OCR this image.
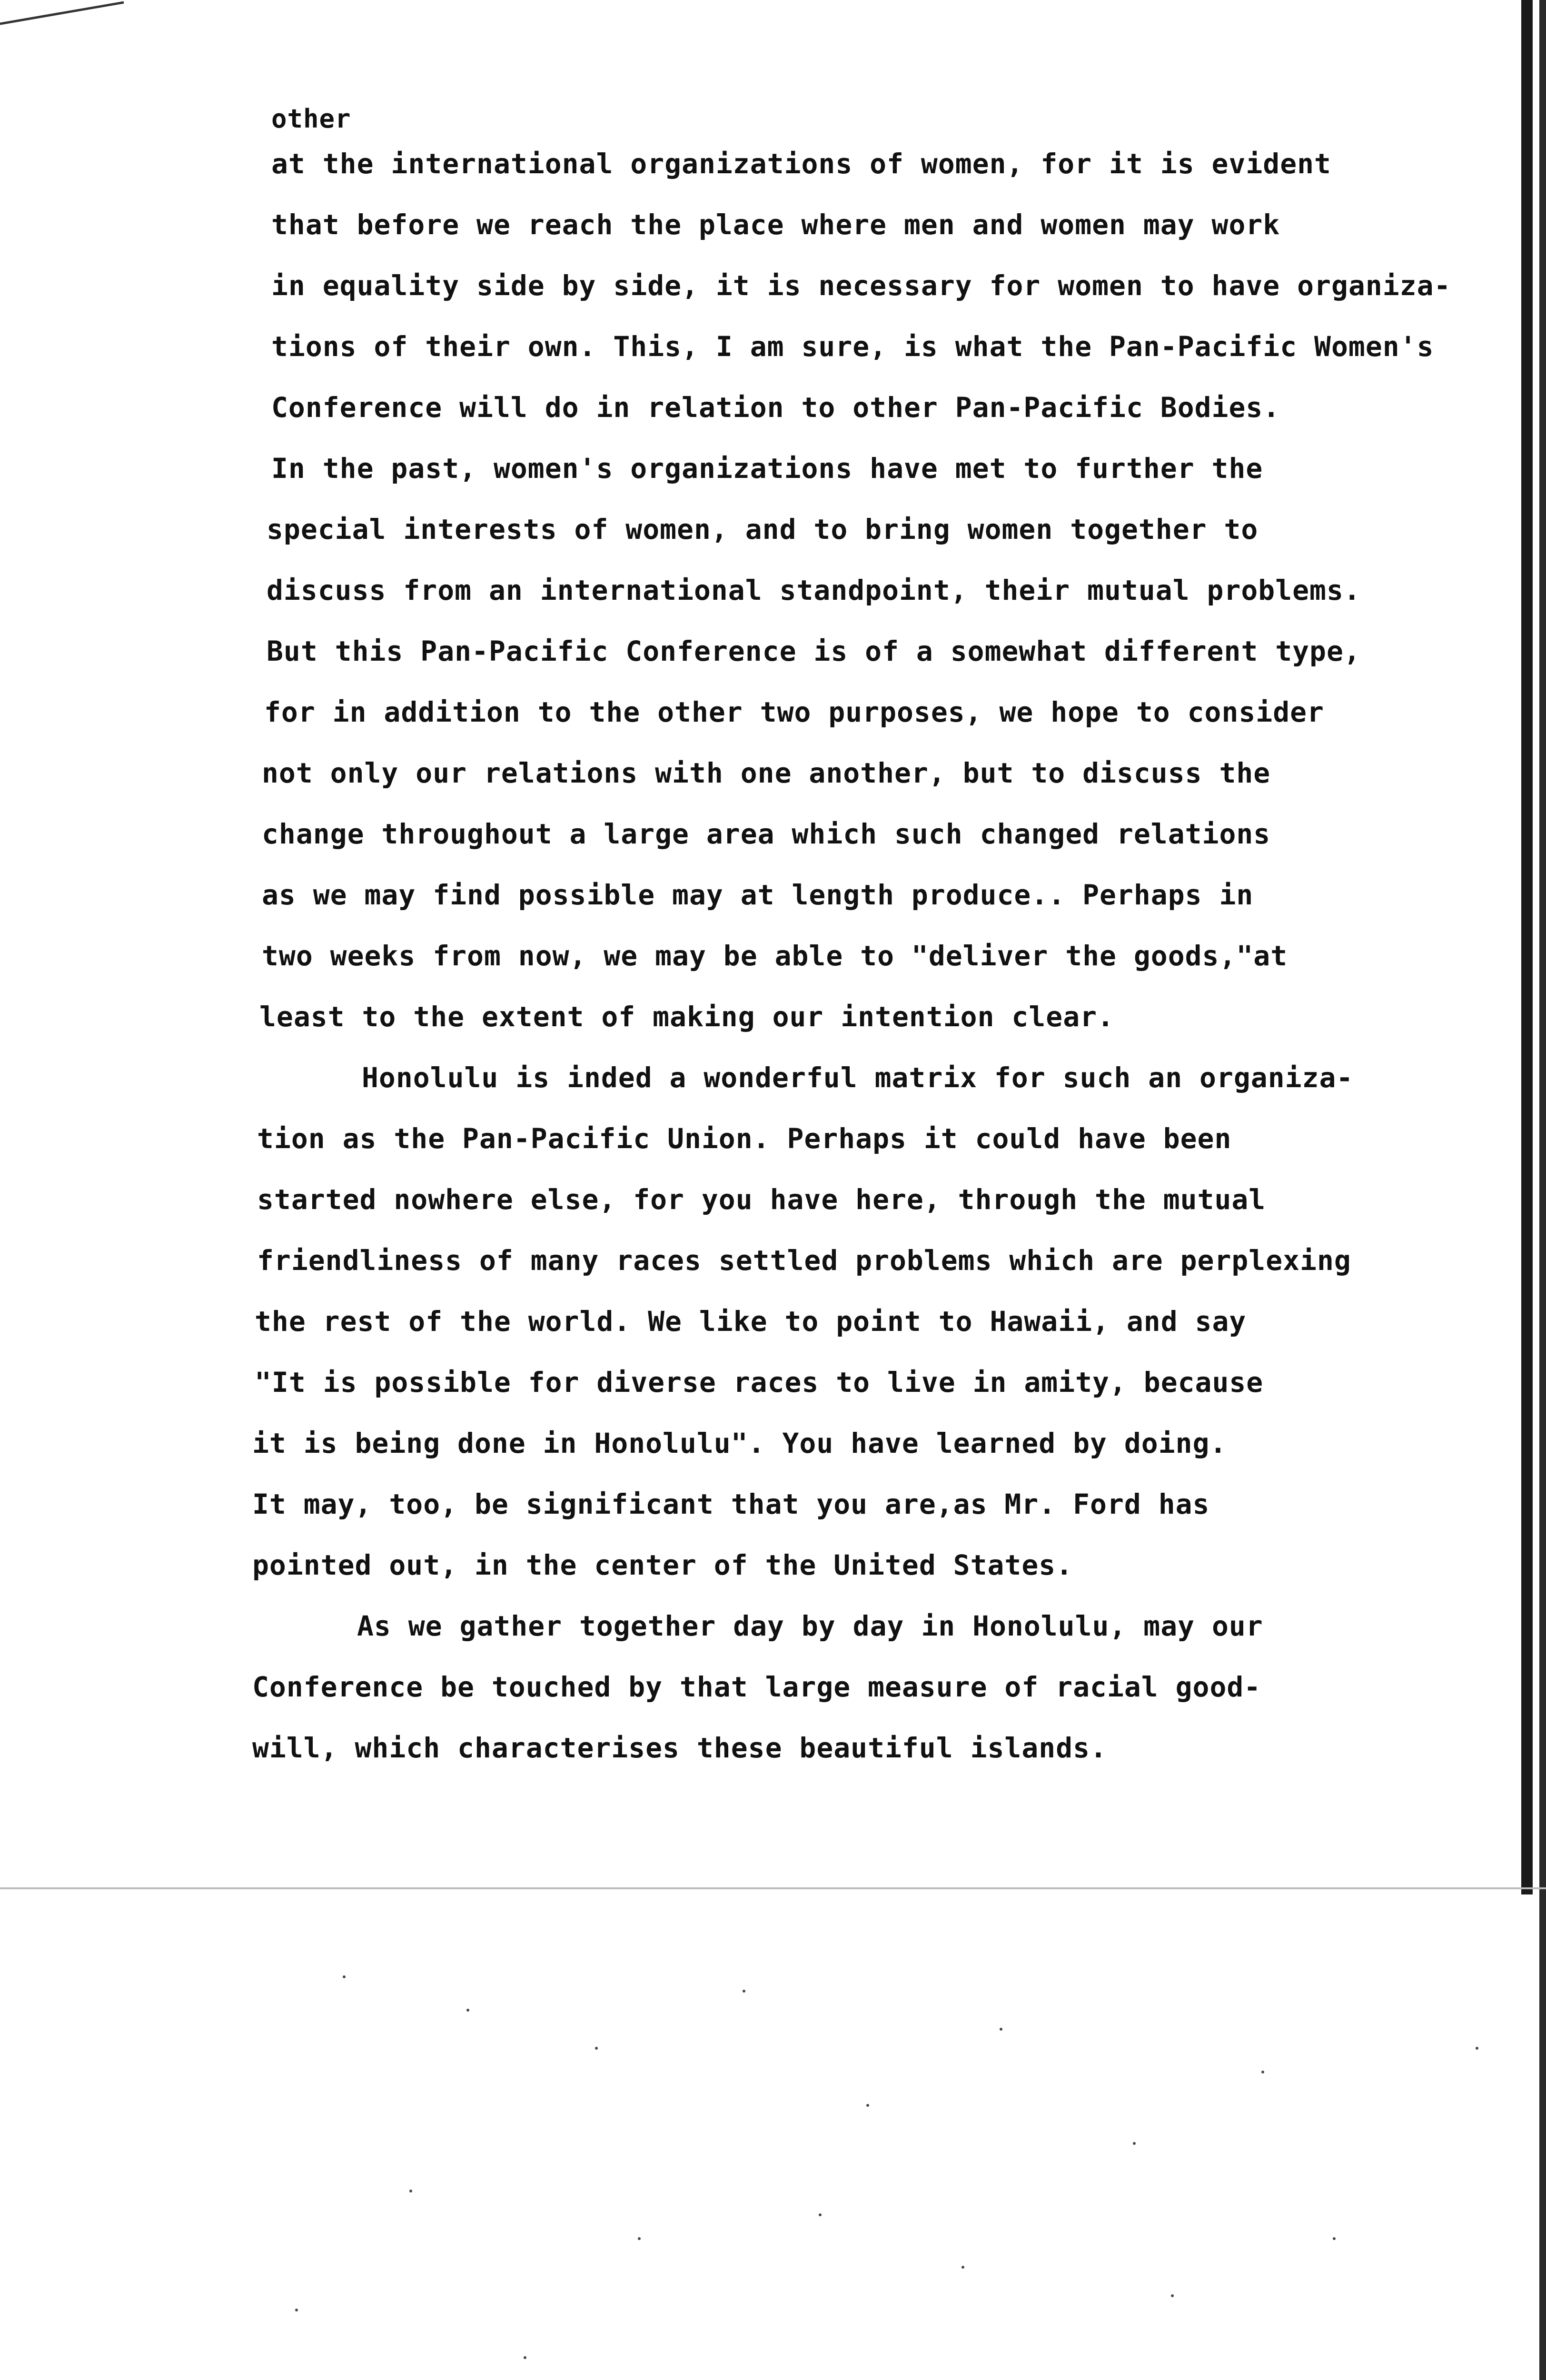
other
at the international organizations of women, for it is evident
that before we reach the place where men and women may work
in equality side by side, it is necessary for women to have organiza-
tions of their own. This, I am sure, is what the Pan-Pacific Women's
Conference will do in relation to other Pan-Pacific Bodies.
In the past, women's organizations have met to further the
special interests of women, and to bring women together to
discuss from an international standpoint, their mutual problems.
But this Pan-Pacific Conference is of a somewhat different type,
for in addition to the other two purposes, we hope to consider
not only our relations with one another, but to discuss the
change throughout a large area which such changed relations
as we may find possible may at length produce.. Perhaps in
two weeks from now, we may be able to "deliver the goods,"at
least to the extent of making our intention clear.
Honolulu is inded a wonderful matrix for such an organiza-
tion as the Pan-Pacific Union. Perhaps it could have been
started nowhere else, for you have here, through the mutual
friendliness of many races settled problems which are perplexing
the rest of the world. We like to point to Hawaii, and say
"It is possible for diverse races to live in amity, because
it is being done in Honolulu". You have learned by doing.
It may, too, be significant that you are,as Mr. Ford has
pointed out, in the center of the United States.
As we gather together day by day in Honolulu, may our
Conference be touched by that large measure of racial good-
will, which characterises these beautiful islands.
